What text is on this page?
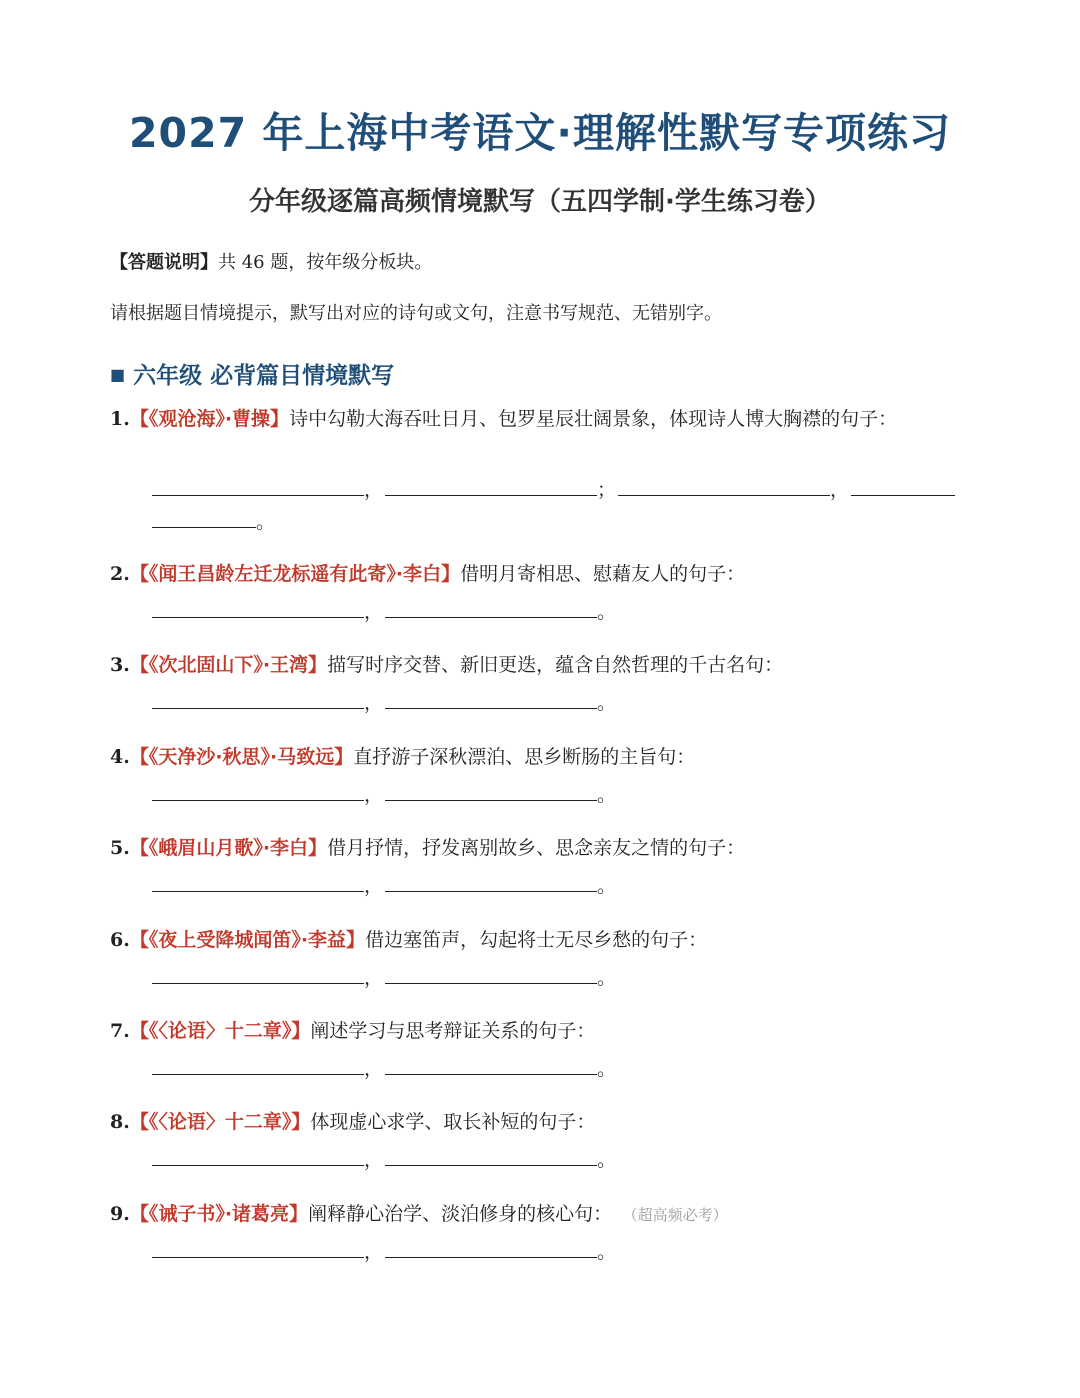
2027 年上海中考语文·理解性默写专项练习
分年级逐篇高频情境默写（五四学制·学生练习卷）
【答题说明】共 46 题，按年级分板块。
请根据题目情境提示，默写出对应的诗句或文句，注意书写规范、无错别字。
■ 六年级 必背篇目情境默写
1.【《观沧海》·曹操】诗中勾勒大海吞吐日月、包罗星辰壮阔景象，体现诗人博大胸襟的句子：
，	；	，
。
2.【《闻王昌龄左迁龙标遥有此寄》·李白】借明月寄相思、慰藉友人的句子：
，	。
3.【《次北固山下》·王湾】描写时序交替、新旧更迭，蕴含自然哲理的千古名句：
，	。
4.【《天净沙·秋思》·马致远】直抒游子深秋漂泊、思乡断肠的主旨句：
，	。
5.【《峨眉山月歌》·李白】借月抒情，抒发离别故乡、思念亲友之情的句子：
，	。
6.【《夜上受降城闻笛》·李益】借边塞笛声，勾起将士无尽乡愁的句子：
，	。
7.【《〈论语〉十二章》】阐述学习与思考辩证关系的句子：
，	。
8.【《〈论语〉十二章》】体现虚心求学、取长补短的句子：
，	。
9.【《诫子书》·诸葛亮】阐释静心治学、淡泊修身的核心句： （超高频必考）
，	。
